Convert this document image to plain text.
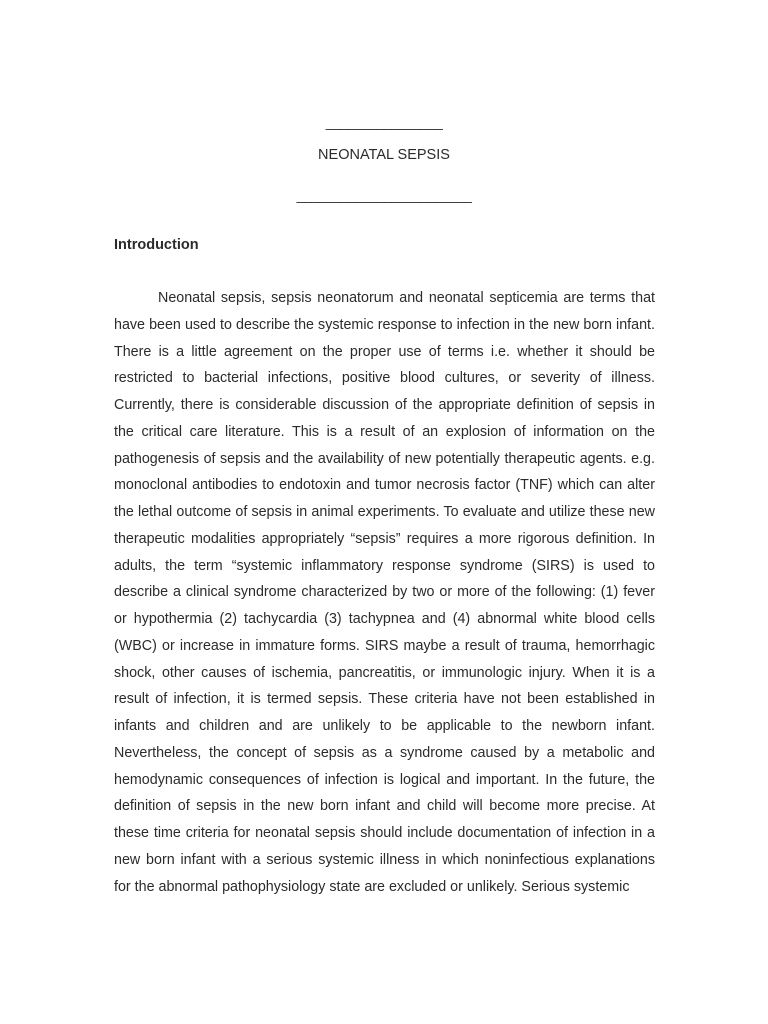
________________
NEONATAL SEPSIS
________________________
Introduction

Neonatal sepsis, sepsis neonatorum and neonatal septicemia are terms that have been used to describe the systemic response to infection in the new born infant. There is a little agreement on the proper use of terms i.e. whether it should be restricted to bacterial infections, positive blood cultures, or severity of illness. Currently, there is considerable discussion of the appropriate definition of sepsis in the critical care literature. This is a result of an explosion of information on the pathogenesis of sepsis and the availability of new potentially therapeutic agents. e.g. monoclonal antibodies to endotoxin and tumor necrosis factor (TNF) which can alter the lethal outcome of sepsis in animal experiments. To evaluate and utilize these new therapeutic modalities appropriately “sepsis” requires a more rigorous definition. In adults, the term “systemic inflammatory response syndrome (SIRS) is used to describe a clinical syndrome characterized by two or more of the following: (1) fever or hypothermia (2) tachycardia (3) tachypnea and (4) abnormal white blood cells (WBC) or increase in immature forms. SIRS maybe a result of trauma, hemorrhagic shock, other causes of ischemia, pancreatitis, or immunologic injury. When it is a result of infection, it is termed sepsis. These criteria have not been established in infants and children and are unlikely to be applicable to the newborn infant. Nevertheless, the concept of sepsis as a syndrome caused by a metabolic and hemodynamic consequences of infection is logical and important. In the future, the definition of sepsis in the new born infant and child will become more precise. At these time criteria for neonatal sepsis should include documentation of infection in a new born infant with a serious systemic illness in which noninfectious explanations for the abnormal pathophysiology state are excluded or unlikely. Serious systemic
